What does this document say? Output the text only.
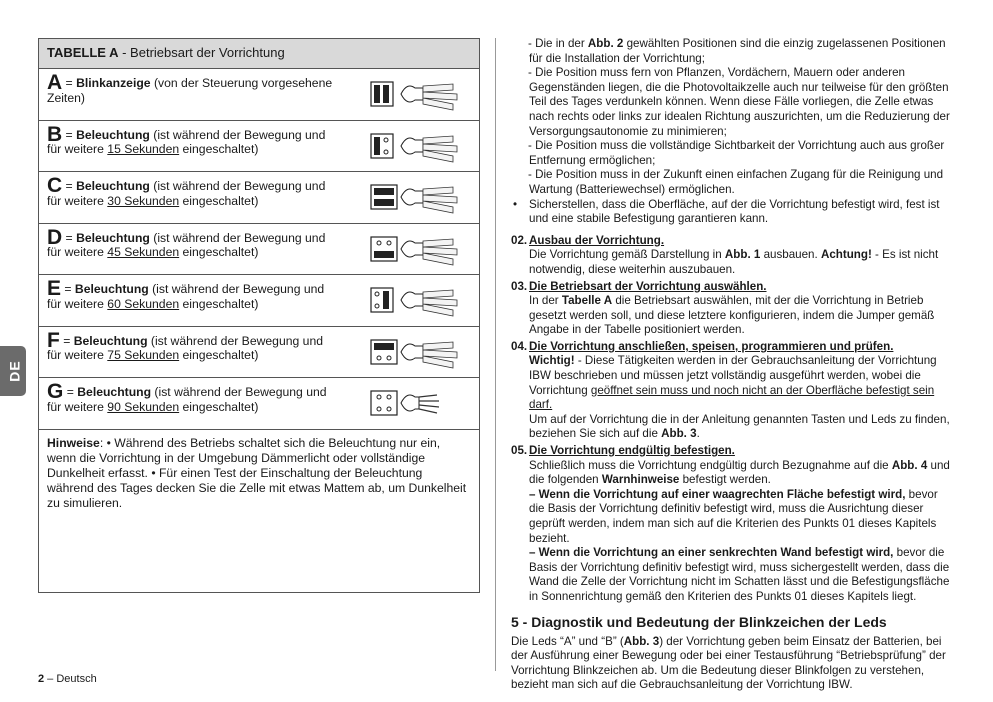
DE
TABELLE A - Betriebsart der Vorrichtung
A = Blinkanzeige (von der Steuerung vorgesehene Zeiten)
B = Beleuchtung (ist während der Bewegung und
für weitere 15 Sekunden eingeschaltet)
C = Beleuchtung (ist während der Bewegung und
für weitere 30 Sekunden eingeschaltet)
D = Beleuchtung (ist während der Bewegung und
für weitere 45 Sekunden eingeschaltet)
E = Beleuchtung (ist während der Bewegung und
für weitere 60 Sekunden eingeschaltet)
F = Beleuchtung (ist während der Bewegung und
für weitere 75 Sekunden eingeschaltet)
G = Beleuchtung (ist während der Bewegung und
für weitere 90 Sekunden eingeschaltet)
Hinweise: • Während des Betriebs schaltet sich die Beleuchtung nur ein, wenn die Vorrichtung in der Umgebung Dämmerlicht oder vollständige Dunkelheit erfasst. • Für einen Test der Einschaltung der Beleuchtung während des Tages decken Sie die Zelle mit etwas Mattem ab, um Dunkelheit zu simulieren.

- Die in der Abb. 2 gewählten Positionen sind die einzig zugelassenen Positionen für die Installation der Vorrichtung;

- Die Position muss fern von Pflanzen, Vordächern, Mauern oder anderen Gegenständen liegen, die die Photovoltaikzelle auch nur teilweise für den größten Teil des Tages verdunkeln können. Wenn diese Fälle vorliegen, die Zelle etwas nach rechts oder links zur idealen Richtung auszurichten, um die Reduzierung der Versorgungsautonomie zu minimieren;

- Die Position muss die vollständige Sichtbarkeit der Vorrichtung auch aus großer Entfernung ermöglichen;

- Die Position muss in der Zukunft einen einfachen Zugang für die Reinigung und Wartung (Batteriewechsel) ermöglichen.

• Sicherstellen, dass die Oberfläche, auf der die Vorrichtung befestigt wird, fest ist und eine stabile Befestigung garantieren kann.

02. Ausbau der Vorrichtung.
Die Vorrichtung gemäß Darstellung in Abb. 1 ausbauen. Achtung! - Es ist nicht notwendig, diese weiterhin auszubauen.
03. Die Betriebsart der Vorrichtung auswählen.
In der Tabelle A die Betriebsart auswählen, mit der die Vorrichtung in Betrieb gesetzt werden soll, und diese letztere konfigurieren, indem die Jumper gemäß Angabe in der Tabelle positioniert werden.
04. Die Vorrichtung anschließen, speisen, programmieren und prüfen.
Wichtig! - Diese Tätigkeiten werden in der Gebrauchsanleitung der Vorrichtung IBW beschrieben und müssen jetzt vollständig ausgeführt werden, wobei die Vorrichtung geöffnet sein muss und noch nicht an der Oberfläche befestigt sein darf.
Um auf der Vorrichtung die in der Anleitung genannten Tasten und Leds zu finden, beziehen Sie sich auf die Abb. 3.
05. Die Vorrichtung endgültig befestigen.
Schließlich muss die Vorrichtung endgültig durch Bezugnahme auf die Abb. 4 und die folgenden Warnhinweise befestigt werden.
– Wenn die Vorrichtung auf einer waagrechten Fläche befestigt wird, bevor die Basis der Vorrichtung definitiv befestigt wird, muss die Ausrichtung dieser geprüft werden, indem man sich auf die Kriterien des Punkts 01 dieses Kapitels bezieht.
– Wenn die Vorrichtung an einer senkrechten Wand befestigt wird, bevor die Basis der Vorrichtung definitiv befestigt wird, muss sichergestellt werden, dass die Wand die Zelle der Vorrichtung nicht im Schatten lässt und die Befestigungsfläche in Sonnenrichtung gemäß den Kriterien des Punkts 01 dieses Kapitels liegt.
5 - Diagnostik und Bedeutung der Blinkzeichen der Leds

Die Leds “A” und “B” (Abb. 3) der Vorrichtung geben beim Einsatz der Batterien, bei der Ausführung einer Bewegung oder bei einer Testausführung “Betriebsprüfung” der Vorrichtung Blinkzeichen ab. Um die Bedeutung dieser Blinkfolgen zu verstehen, bezieht man sich auf die Gebrauchsanleitung der Vorrichtung IBW.

2 – Deutsch
